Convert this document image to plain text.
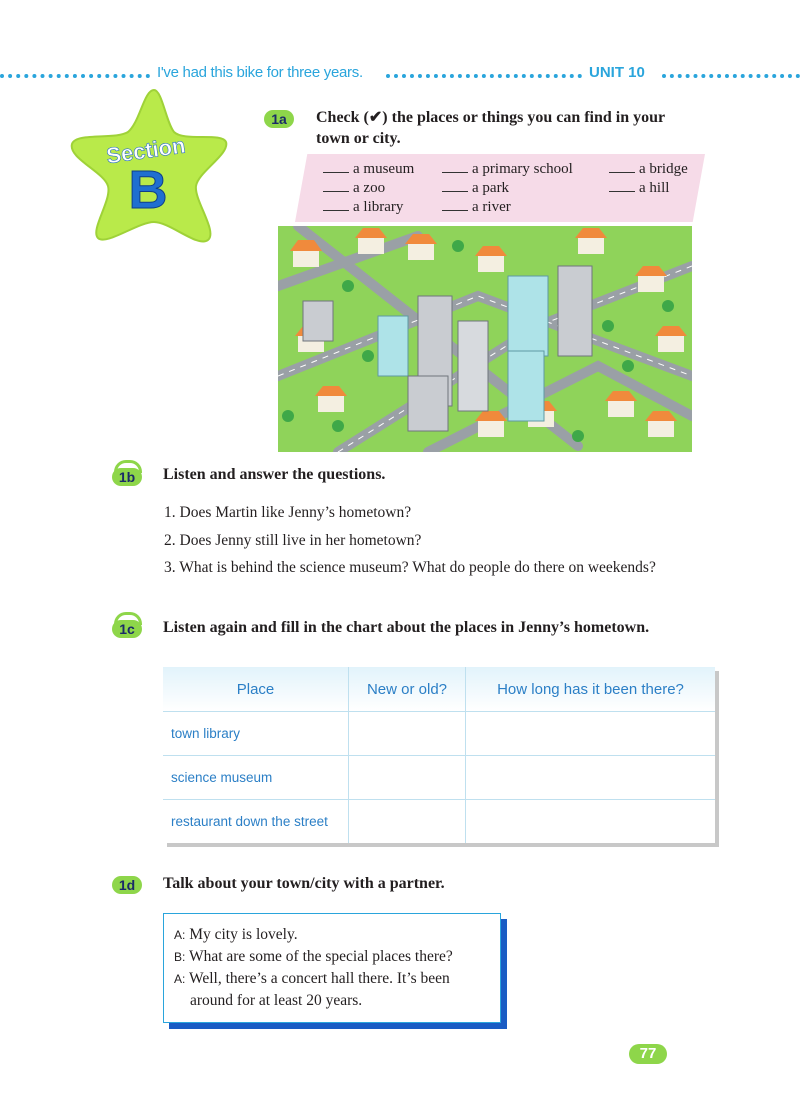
I've had this bike for three years.	UNIT 10
Section
B
1a	Check (✔) the places or things you can find in your
town or city.
a museum	a primary school	a bridge
a zoo	a park	a hill
a library	a river
1b	Listen and answer the questions.
1. Does Martin like Jenny’s hometown?
2. Does Jenny still live in her hometown?
3. What is behind the science museum? What do people do there on weekends?
1c	Listen again and fill in the chart about the places in Jenny’s hometown.
Place	New or old?	How long has it been there?
town library		
science museum		
restaurant down the street		
1d	Talk about your town/city with a partner.
A: My city is lovely.
B: What are some of the special places there?
A: Well, there’s a concert hall there. It’s been
around for at least 20 years.
77
